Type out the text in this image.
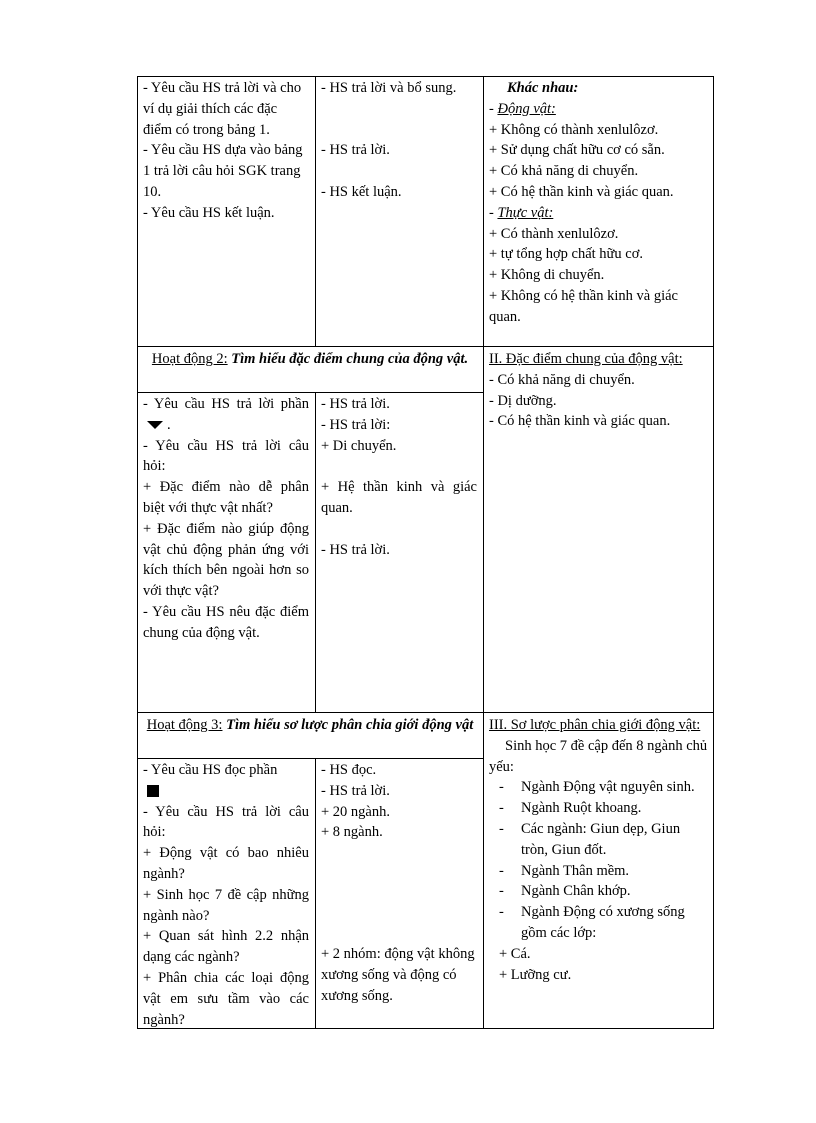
- Yêu cầu HS trả lời và cho ví dụ giải thích các đặc điểm có trong bảng 1.

- Yêu cầu HS dựa vào bảng 1 trả lời câu hỏi SGK trang 10.

- Yêu cầu HS kết luận.

- HS trả lời và bổ sung.

- HS trả lời.

- HS kết luận.

Khác nhau:

- Động vật:

+ Không có thành xenlulôzơ.

+ Sử dụng chất hữu cơ có sẵn.

+ Có khả năng di chuyển.

+ Có hệ thần kinh và giác quan.

- Thực vật:

+ Có thành xenlulôzơ.

+ tự tổng hợp chất hữu cơ.

+ Không di chuyển.

+ Không có hệ thần kinh và giác quan.

Hoạt động 2: Tìm hiểu đặc điểm chung của động vật.	II. Đặc điểm chung của động vật:

- Có khả năng di chuyển.

- Dị dưỡng.

- Có hệ thần kinh và giác quan.

- Yêu cầu HS trả lời phần.

- Yêu cầu HS trả lời câu hỏi:

+ Đặc điểm nào dễ phân biệt với thực vật nhất?

+ Đặc điểm nào giúp động vật chủ động phản ứng với kích thích bên ngoài hơn so với thực vật?

- Yêu cầu HS nêu đặc điểm chung của động vật.

- HS trả lời.

- HS trả lời:

+ Di chuyển.

+ Hệ thần kinh và giác quan.

- HS trả lời.

Hoạt động 3: Tìm hiểu sơ lược phân chia giới động vật	III. Sơ lược phân chia giới động vật:

Sinh học 7 đề cập đến 8 ngành chủ yếu:

- Ngành Động vật nguyên sinh.

- Ngành Ruột khoang.

- Các ngành: Giun dẹp, Giun tròn, Giun đốt.

- Ngành Thân mềm.

- Ngành Chân khớp.

- Ngành Động có xương sống gồm các lớp:

+ Cá.

+ Lưỡng cư.

- Yêu cầu HS đọc phần

- Yêu cầu HS trả lời câu hỏi:

+ Động vật có bao nhiêu ngành?

+ Sinh học 7 đề cập những ngành nào?

+ Quan sát hình 2.2 nhận dạng các ngành?

+ Phân chia các loại động vật em sưu tầm vào các ngành?

- HS đọc.

- HS trả lời.

+ 20 ngành.

+ 8 ngành.

+ 2 nhóm: động vật không xương sống và động có xương sống.
